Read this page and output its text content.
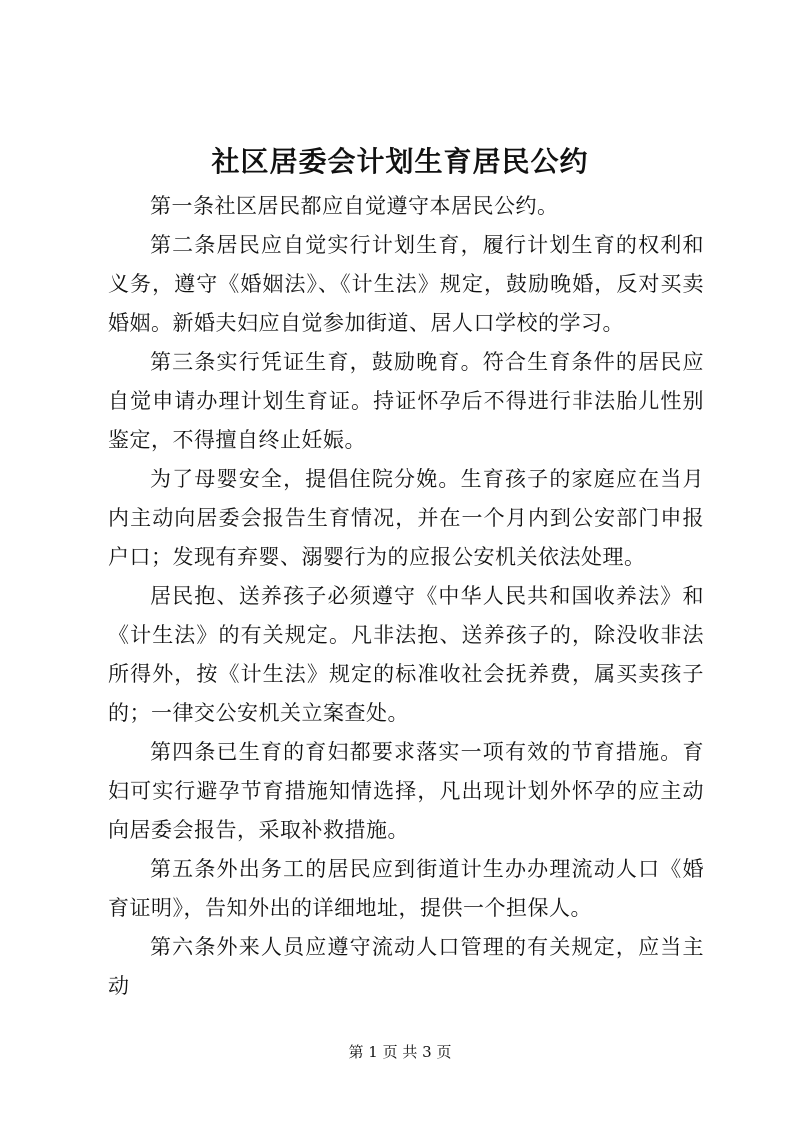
社区居委会计划生育居民公约

第一条社区居民都应自觉遵守本居民公约。

第二条居民应自觉实行计划生育，履行计划生育的权利和义务，遵守《婚姻法》、《计生法》规定，鼓励晚婚，反对买卖婚姻。新婚夫妇应自觉参加街道、居人口学校的学习。

第三条实行凭证生育，鼓励晚育。符合生育条件的居民应自觉申请办理计划生育证。持证怀孕后不得进行非法胎儿性别鉴定，不得擅自终止妊娠。

为了母婴安全，提倡住院分娩。生育孩子的家庭应在当月内主动向居委会报告生育情况，并在一个月内到公安部门申报户口；发现有弃婴、溺婴行为的应报公安机关依法处理。

居民抱、送养孩子必须遵守《中华人民共和国收养法》和《计生法》的有关规定。凡非法抱、送养孩子的，除没收非法所得外，按《计生法》规定的标准收社会抚养费，属买卖孩子的；一律交公安机关立案查处。

第四条已生育的育妇都要求落实一项有效的节育措施。育妇可实行避孕节育措施知情选择，凡出现计划外怀孕的应主动向居委会报告，采取补救措施。

第五条外出务工的居民应到街道计生办办理流动人口《婚育证明》，告知外出的详细地址，提供一个担保人。

第六条外来人员应遵守流动人口管理的有关规定，应当主动

第 1 页 共 3 页
